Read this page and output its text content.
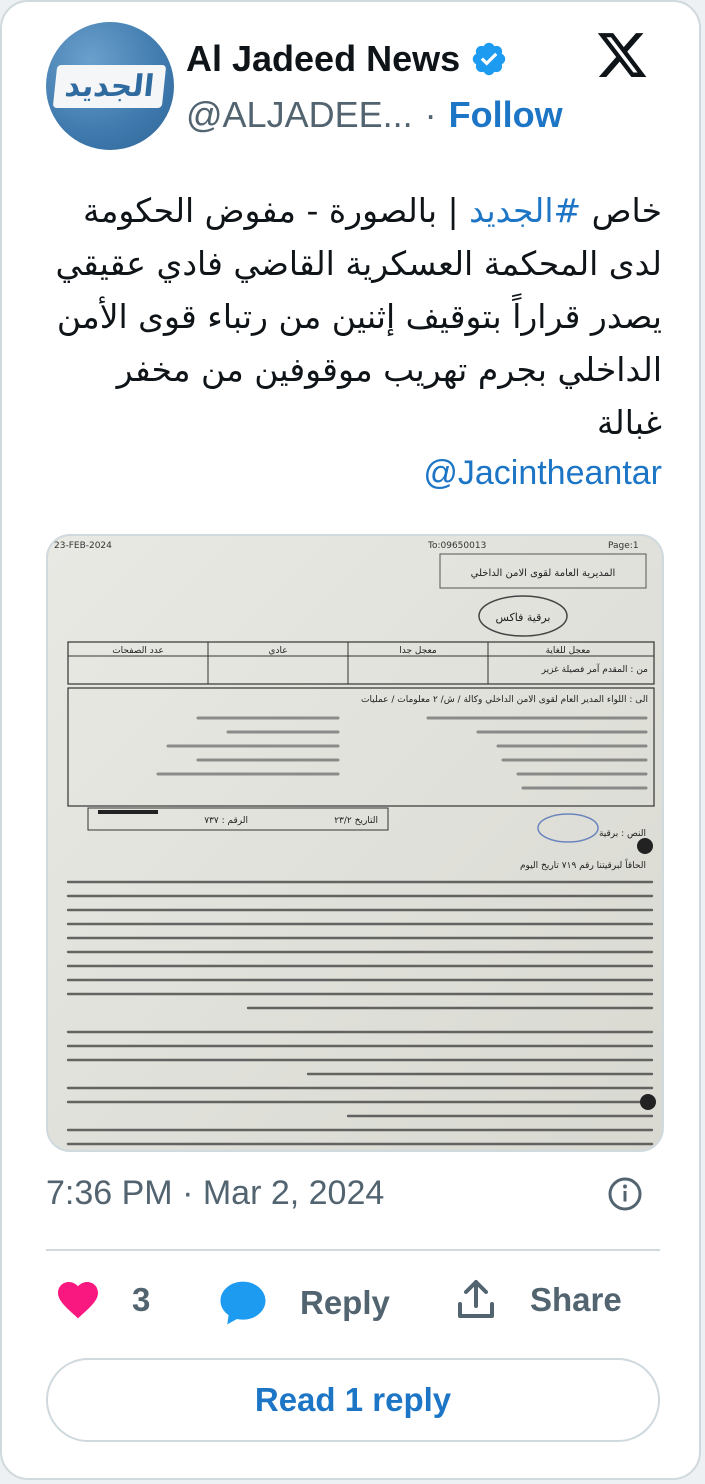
الجديد
Al Jadeed News
@ALJADEE... · Follow
خاص #الجديد | بالصورة - مفوض الحكومة لدى المحكمة العسكرية القاضي فادي عقيقي يصدر قراراً بتوقيف إثنين من رتباء قوى الأمن الداخلي بجرم تهريب موقوفين من مخفر غبالة
@Jacintheantar
23-FEB-2024	To:09650013	Page:1
المديرية العامة لقوى الامن الداخلي
برقية فاكس
عدد الصفحات	عادي	معجل جدا	معجل للغاية
من : المقدم آمر فصيلة غزير
الى : اللواء المدير العام لقوى الامن الداخلي وكالة / ش/ ٢ معلومات / عمليات
الرقم : ٧٣٧	التاريخ ٢٣/٢
النص : برقية
الحاقاً لبرقيتنا رقم ٧١٩ تاريخ اليوم
7:36 PM · Mar 2, 2024
3	Reply	Share
Read 1 reply
